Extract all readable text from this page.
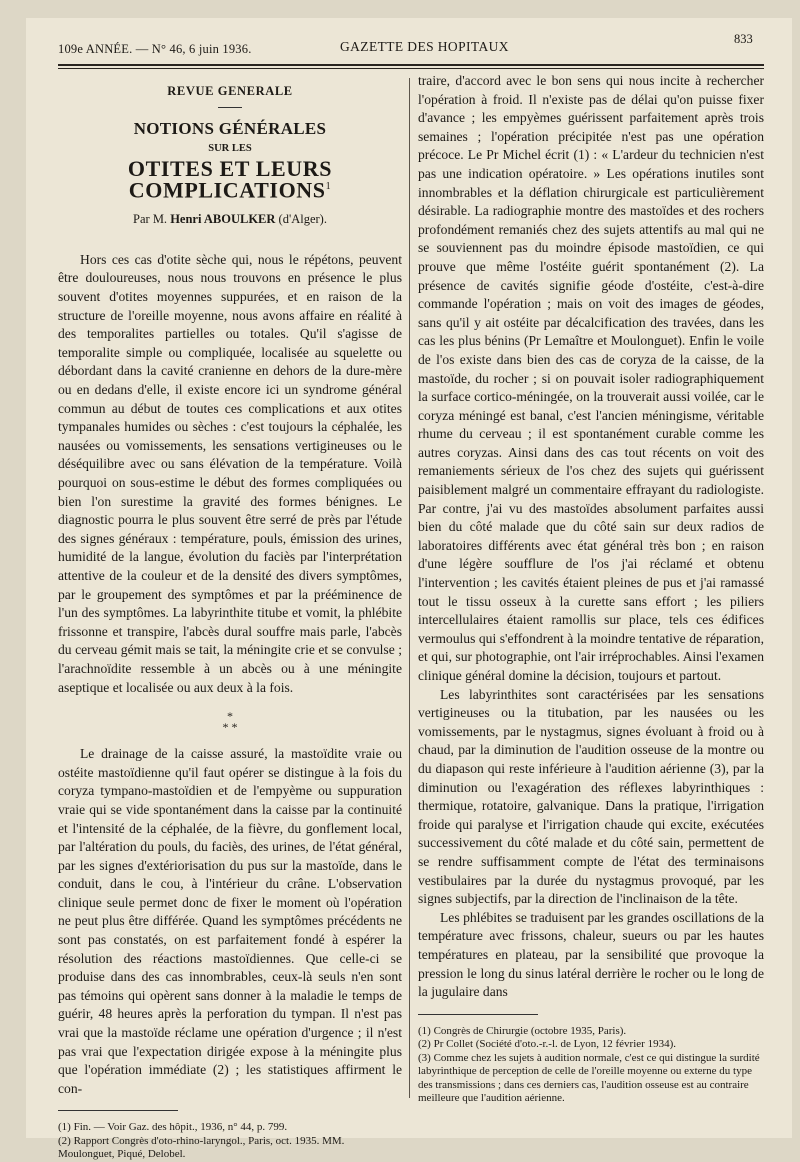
109e ANNÉE. — N° 46, 6 juin 1936.	GAZETTE DES HOPITAUX	833
REVUE GENERALE
NOTIONS GÉNÉRALES
SUR LES
OTITES ET LEURS COMPLICATIONS$^1$
Par M. Henri ABOULKER (d'Alger).

Hors ces cas d'otite sèche qui, nous le répétons, peuvent être douloureuses, nous nous trouvons en présence le plus souvent d'otites moyennes suppurées, et en raison de la structure de l'oreille moyenne, nous avons affaire en réalité à des temporalites partielles ou totales. Qu'il s'agisse de temporalite simple ou compliquée, localisée au squelette ou débordant dans la cavité cranienne en dehors de la dure-mère ou en dedans d'elle, il existe encore ici un syndrome général commun au début de toutes ces complications et aux otites tympanales humides ou sèches : c'est toujours la céphalée, les nausées ou vomissements, les sensations vertigineuses ou le déséquilibre avec ou sans élévation de la température. Voilà pourquoi on sous-estime le début des formes compliquées ou bien l'on surestime la gravité des formes bénignes. Le diagnostic pourra le plus souvent être serré de près par l'étude des signes généraux : température, pouls, émission des urines, humidité de la langue, évolution du faciès par l'interprétation attentive de la couleur et de la densité des divers symptômes, par le groupement des symptômes et par la prééminence de l'un des symptômes. La labyrinthite titube et vomit, la phlébite frissonne et transpire, l'abcès dural souffre mais parle, l'abcès du cerveau gémit mais se tait, la méningite crie et se convulse ; l'arachnoïdite ressemble à un abcès ou à une méningite aseptique et localisée ou aux deux à la fois.

*
* *

Le drainage de la caisse assuré, la mastoïdite vraie ou ostéite mastoïdienne qu'il faut opérer se distingue à la fois du coryza tympano-mastoïdien et de l'empyème ou suppuration vraie qui se vide spontanément dans la caisse par la continuité et l'intensité de la céphalée, de la fièvre, du gonflement local, par l'altération du pouls, du faciès, des urines, de l'état général, par les signes d'extériorisation du pus sur la mastoïde, dans le conduit, dans le cou, à l'intérieur du crâne. L'observation clinique seule permet donc de fixer le moment où l'opération ne peut plus être différée. Quand les symptômes précédents ne sont pas constatés, on est parfaitement fondé à espérer la résolution des réactions mastoïdiennes. Que celle-ci se produise dans des cas innombrables, ceux-là seuls n'en sont pas témoins qui opèrent sans donner à la maladie le temps de guérir, 48 heures après la perforation du tympan. Il n'est pas vrai que la mastoïde réclame une opération d'urgence ; il n'est pas vrai que l'expectation dirigée expose à la méningite plus que l'opération immédiate (2) ; les statistiques affirment le con-

(1) Fin. — Voir Gaz. des hôpit., 1936, n° 44, p. 799.

(2) Rapport Congrès d'oto-rhino-laryngol., Paris, oct. 1935. MM. Moulonguet, Piqué, Delobel.

traire, d'accord avec le bon sens qui nous incite à rechercher l'opération à froid. Il n'existe pas de délai qu'on puisse fixer d'avance ; les empyèmes guérissent parfaitement après trois semaines ; l'opération précipitée n'est pas une opération précoce. Le Pr Michel écrit (1) : « L'ardeur du technicien n'est pas une indication opératoire. » Les opérations inutiles sont innombrables et la déflation chirurgicale est particulièrement désirable. La radiographie montre des mastoïdes et des rochers profondément remaniés chez des sujets attentifs au mal qui ne se souviennent pas du moindre épisode mastoïdien, ce qui prouve que même l'ostéite guérit spontanément (2). La présence de cavités signifie géode d'ostéite, c'est-à-dire commande l'opération ; mais on voit des images de géodes, sans qu'il y ait ostéite par décalcification des travées, dans les cas les plus bénins (Pr Lemaître et Moulonguet). Enfin le voile de l'os existe dans bien des cas de coryza de la caisse, de la mastoïde, du rocher ; si on pouvait isoler radiographiquement la surface cortico-méningée, on la trouverait aussi voilée, car le coryza méningé est banal, c'est l'ancien méningisme, véritable rhume du cerveau ; il est spontanément curable comme les autres coryzas. Ainsi dans des cas tout récents on voit des remaniements sérieux de l'os chez des sujets qui guérissent paisiblement malgré un commentaire effrayant du radiologiste. Par contre, j'ai vu des mastoïdes absolument parfaites aussi bien du côté malade que du côté sain sur deux radios de laboratoires différents avec état général très bon ; en raison d'une légère soufflure de l'os j'ai réclamé et obtenu l'intervention ; les cavités étaient pleines de pus et j'ai ramassé tout le tissu osseux à la curette sans effort ; les piliers intercellulaires étaient ramollis sur place, tels ces édifices vermoulus qui s'effondrent à la moindre tentative de réparation, et qui, sur photographie, ont l'air irréprochables. Ainsi l'examen clinique général domine la décision, toujours et partout.

Les labyrinthites sont caractérisées par les sensations vertigineuses ou la titubation, par les nausées ou les vomissements, par le nystagmus, signes évoluant à froid ou à chaud, par la diminution de l'audition osseuse de la montre ou du diapason qui reste inférieure à l'audition aérienne (3), par la diminution ou l'exagération des réflexes labyrinthiques : thermique, rotatoire, galvanique. Dans la pratique, l'irrigation froide qui paralyse et l'irrigation chaude qui excite, exécutées successivement du côté malade et du côté sain, permettent de se rendre suffisamment compte de l'état des terminaisons vestibulaires par la durée du nystagmus provoqué, par les signes subjectifs, par la direction de l'inclinaison de la tête.

Les phlébites se traduisent par les grandes oscillations de la température avec frissons, chaleur, sueurs ou par les hautes températures en plateau, par la sensibilité que provoque la pression le long du sinus latéral derrière le rocher ou le long de la jugulaire dans

(1) Congrès de Chirurgie (octobre 1935, Paris).

(2) Pr Collet (Société d'oto.-r.-l. de Lyon, 12 février 1934).

(3) Comme chez les sujets à audition normale, c'est ce qui distingue la surdité labyrinthique de perception de celle de l'oreille moyenne ou externe du type des transmissions ; dans ces derniers cas, l'audition osseuse est au contraire meilleure que l'audition aérienne.
